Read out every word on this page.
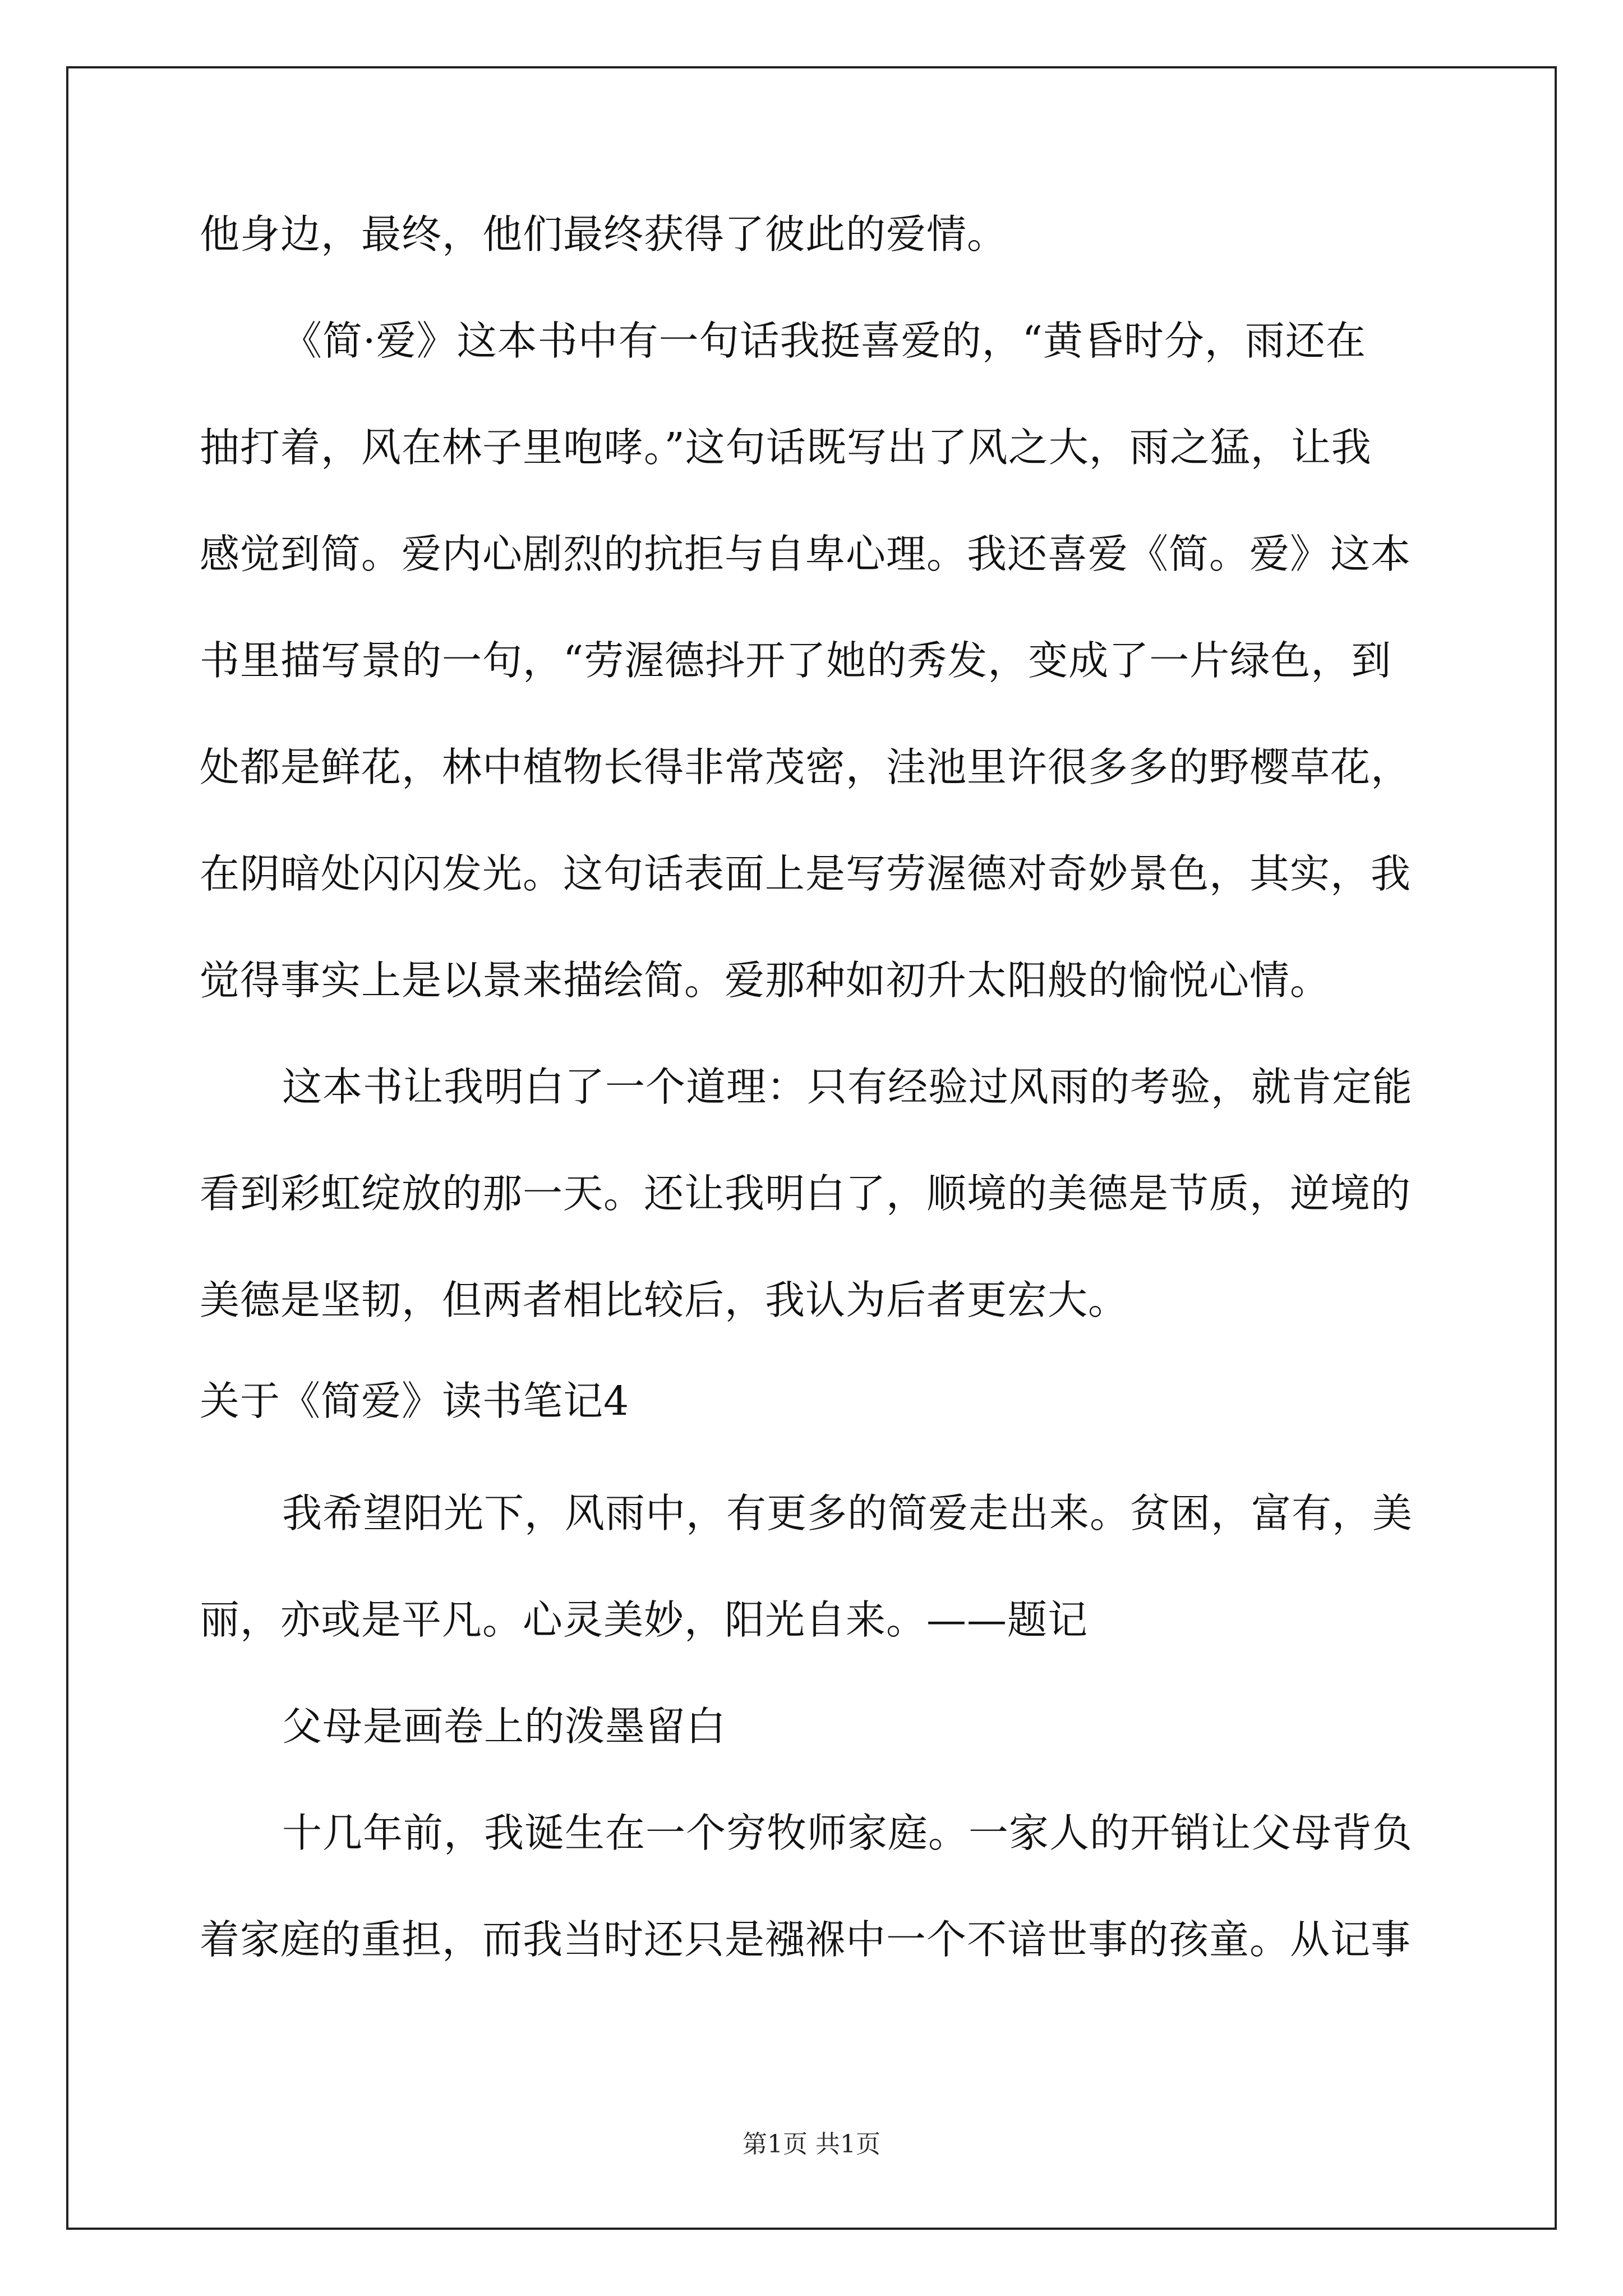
他身边，最终，他们最终获得了彼此的爱情。
《简·爱》这本书中有一句话我挺喜爱的，“黄昏时分，雨还在
抽打着，风在林子里咆哮。”这句话既写出了风之大，雨之猛，让我
感觉到简。爱内心剧烈的抗拒与自卑心理。我还喜爱《简。爱》这本
书里描写景的一句，“劳渥德抖开了她的秀发，变成了一片绿色，到
处都是鲜花，林中植物长得非常茂密，洼池里许很多多的野樱草花，
在阴暗处闪闪发光。这句话表面上是写劳渥德对奇妙景色，其实，我
觉得事实上是以景来描绘简。爱那种如初升太阳般的愉悦心情。
这本书让我明白了一个道理：只有经验过风雨的考验，就肯定能
看到彩虹绽放的那一天。还让我明白了，顺境的美德是节质，逆境的
美德是坚韧，但两者相比较后，我认为后者更宏大。
关于《简爱》读书笔记4
我希望阳光下，风雨中，有更多的简爱走出来。贫困，富有，美
丽，亦或是平凡。心灵美妙，阳光自来。——题记
父母是画卷上的泼墨留白
十几年前，我诞生在一个穷牧师家庭。一家人的开销让父母背负
着家庭的重担，而我当时还只是襁褓中一个不谙世事的孩童。从记事
第1页 共1页
